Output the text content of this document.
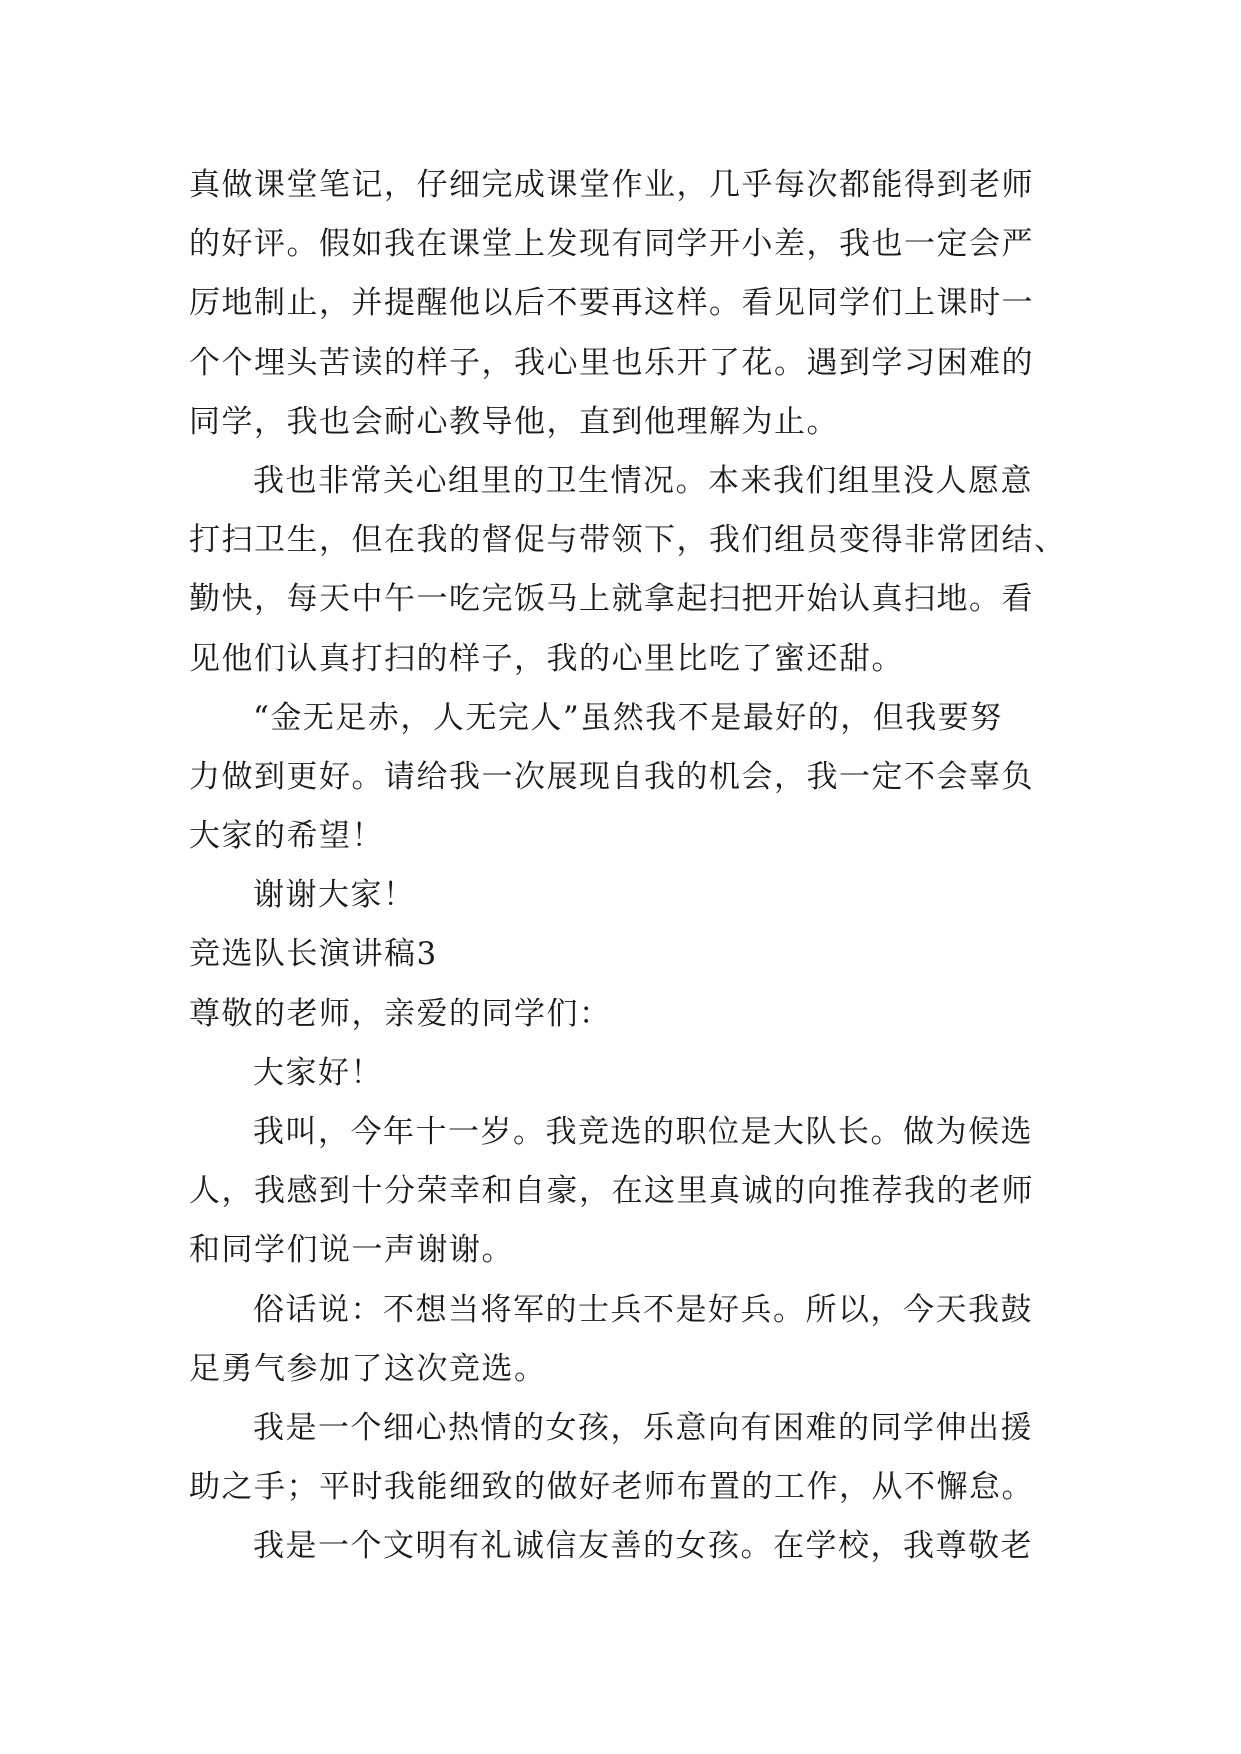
真做课堂笔记，仔细完成课堂作业，几乎每次都能得到老师
的好评。假如我在课堂上发现有同学开小差，我也一定会严
厉地制止，并提醒他以后不要再这样。看见同学们上课时一
个个埋头苦读的样子，我心里也乐开了花。遇到学习困难的
同学，我也会耐心教导他，直到他理解为止。
我也非常关心组里的卫生情况。本来我们组里没人愿意
打扫卫生，但在我的督促与带领下，我们组员变得非常团结、
勤快，每天中午一吃完饭马上就拿起扫把开始认真扫地。看
见他们认真打扫的样子，我的心里比吃了蜜还甜。
“金无足赤，人无完人”虽然我不是最好的，但我要努
力做到更好。请给我一次展现自我的机会，我一定不会辜负
大家的希望！
谢谢大家！
竞选队长演讲稿3
尊敬的老师，亲爱的同学们：
大家好！
我叫，今年十一岁。我竞选的职位是大队长。做为候选
人，我感到十分荣幸和自豪，在这里真诚的向推荐我的老师
和同学们说一声谢谢。
俗话说：不想当将军的士兵不是好兵。所以，今天我鼓
足勇气参加了这次竞选。
我是一个细心热情的女孩，乐意向有困难的同学伸出援
助之手；平时我能细致的做好老师布置的工作，从不懈怠。
我是一个文明有礼诚信友善的女孩。在学校，我尊敬老
